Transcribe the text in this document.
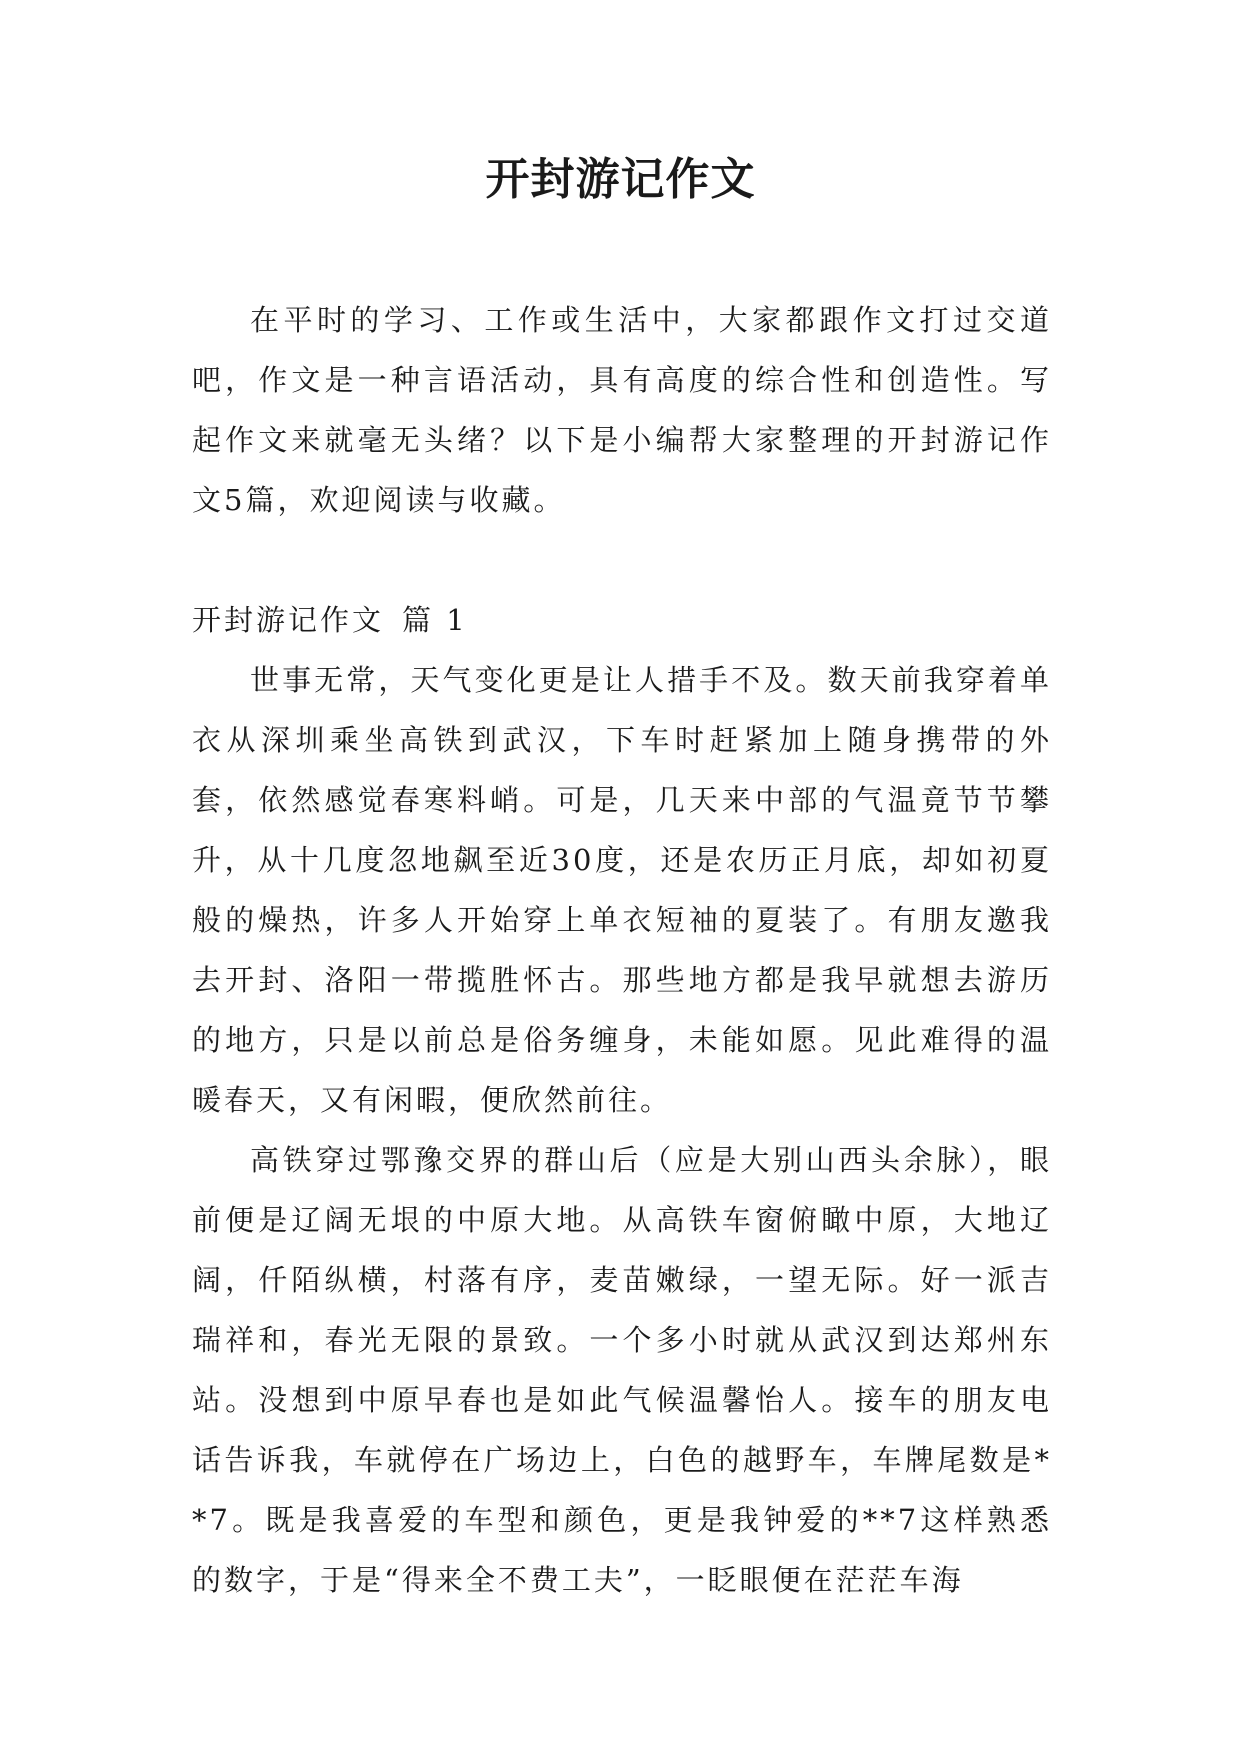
开封游记作文

在平时的学习、工作或生活中，大家都跟作文打过交道吧，作文是一种言语活动，具有高度的综合性和创造性。写起作文来就毫无头绪？以下是小编帮大家整理的开封游记作文5篇，欢迎阅读与收藏。

开封游记作文 篇 1

世事无常，天气变化更是让人措手不及。数天前我穿着单衣从深圳乘坐高铁到武汉，下车时赶紧加上随身携带的外套，依然感觉春寒料峭。可是，几天来中部的气温竟节节攀升，从十几度忽地飙至近30度，还是农历正月底，却如初夏般的燥热，许多人开始穿上单衣短袖的夏装了。有朋友邀我去开封、洛阳一带揽胜怀古。那些地方都是我早就想去游历的地方，只是以前总是俗务缠身，未能如愿。见此难得的温暖春天，又有闲暇，便欣然前往。

高铁穿过鄂豫交界的群山后（应是大别山西头余脉），眼前便是辽阔无垠的中原大地。从高铁车窗俯瞰中原，大地辽阔，仟陌纵横，村落有序，麦苗嫩绿，一望无际。好一派吉瑞祥和，春光无限的景致。一个多小时就从武汉到达郑州东站。没想到中原早春也是如此气候温馨怡人。接车的朋友电话告诉我，车就停在广场边上，白色的越野车，车牌尾数是**7。既是我喜爱的车型和颜色，更是我钟爱的**7这样熟悉的数字，于是“得来全不费工夫”，一眨眼便在茫茫车海
